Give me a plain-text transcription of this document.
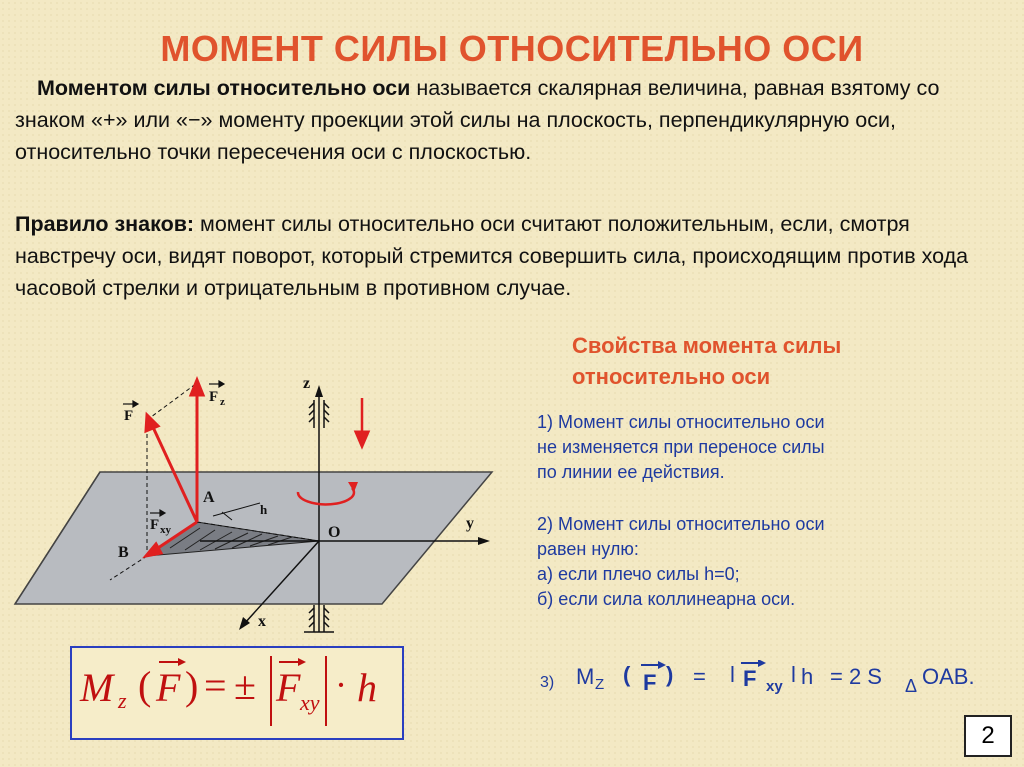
МОМЕНТ СИЛЫ ОТНОСИТЕЛЬНО ОСИ
Моментом силы относительно оси называется скалярная величина, равная взятому со знаком «+» или «−» моменту проекции этой силы на плоскость, перпендикулярную оси, относительно точки пересечения оси с плоскостью.
Правило знаков: момент силы относительно оси считают положительным, если, смотря навстречу оси, видят поворот, который стремится совершить сила, происходящим против хода часовой стрелки и отрицательным в противном случае.
Свойства момента силы
относительно оси
1) Момент силы относительно оси
не изменяется при переносе силы
по линии ее действия.
2) Момент силы относительно оси
равен нулю:
а) если плечо силы h=0;
б) если сила коллинеарна оси.
3) M Z ( F ) = l F xy l h = 2 S Δ OAB.
M z ( F ) = ± F xy · h
z
y
x
O
A
B
h
F
F z
F xy
2
